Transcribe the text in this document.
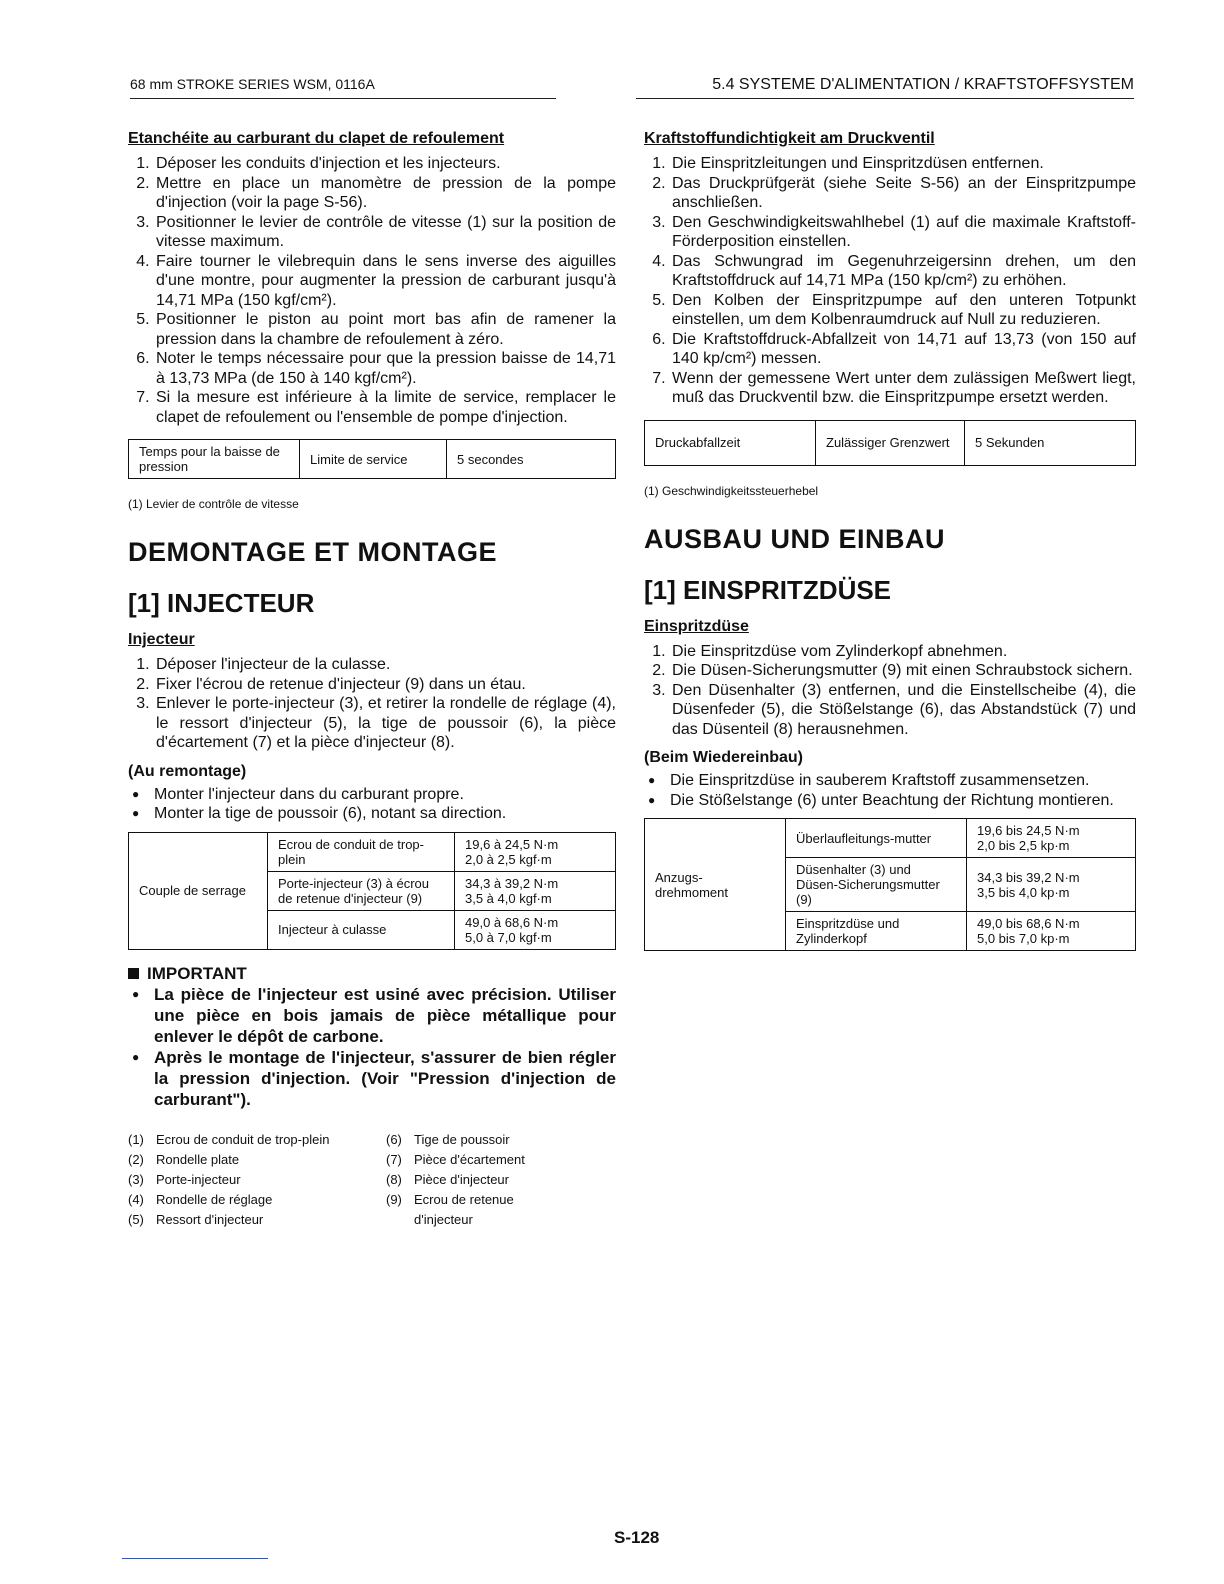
68 mm STROKE SERIES WSM, 0116A	5.4 SYSTEME D'ALIMENTATION / KRAFTSTOFFSYSTEM
Etanchéite au carburant du clapet de refoulement
1. Déposer les conduits d'injection et les injecteurs.
2. Mettre en place un manomètre de pression de la pompe d'injection (voir la page S-56).
3. Positionner le levier de contrôle de vitesse (1) sur la position de vitesse maximum.
4. Faire tourner le vilebrequin dans le sens inverse des aiguilles d'une montre, pour augmenter la pression de carburant jusqu'à 14,71 MPa (150 kgf/cm²).
5. Positionner le piston au point mort bas afin de ramener la pression dans la chambre de refoulement à zéro.
6. Noter le temps nécessaire pour que la pression baisse de 14,71 à 13,73 MPa (de 150 à 140 kgf/cm²).
7. Si la mesure est inférieure à la limite de service, remplacer le clapet de refoulement ou l'ensemble de pompe d'injection.
Temps pour la baisse de pression	Limite de service	5 secondes
(1) Levier de contrôle de vitesse
DEMONTAGE ET MONTAGE
[1] INJECTEUR
Injecteur
1. Déposer l'injecteur de la culasse.
2. Fixer l'écrou de retenue d'injecteur (9) dans un étau.
3. Enlever le porte-injecteur (3), et retirer la rondelle de réglage (4), le ressort d'injecteur (5), la tige de poussoir (6), la pièce d'écartement (7) et la pièce d'injecteur (8).
(Au remontage)
● Monter l'injecteur dans du carburant propre.
● Monter la tige de poussoir (6), notant sa direction.
Couple de serrage	Ecrou de conduit de trop-plein	19,6 à 24,5 N·m
2,0 à 2,5 kgf·m
	Porte-injecteur (3) à écrou de retenue d'injecteur (9)	34,3 à 39,2 N·m
3,5 à 4,0 kgf·m
	Injecteur à culasse	49,0 à 68,6 N·m
5,0 à 7,0 kgf·m
IMPORTANT
● La pièce de l'injecteur est usiné avec précision. Utiliser une pièce en bois jamais de pièce métallique pour enlever le dépôt de carbone.
● Après le montage de l'injecteur, s'assurer de bien régler la pression d'injection. (Voir "Pression d'injection de carburant").
(1) Ecrou de conduit de trop-plein
(2) Rondelle plate
(3) Porte-injecteur
(4) Rondelle de réglage
(5) Ressort d'injecteur
(6) Tige de poussoir
(7) Pièce d'écartement
(8) Pièce d'injecteur
(9) Ecrou de retenue d'injecteur
Kraftstoffundichtigkeit am Druckventil
1. Die Einspritzleitungen und Einspritzdüsen entfernen.
2. Das Druckprüfgerät (siehe Seite S-56) an der Einspritzpumpe anschließen.
3. Den Geschwindigkeitswahlhebel (1) auf die maximale Kraftstoff-Förderposition einstellen.
4. Das Schwungrad im Gegenuhrzeigersinn drehen, um den Kraftstoffdruck auf 14,71 MPa (150 kp/cm²) zu erhöhen.
5. Den Kolben der Einspritzpumpe auf den unteren Totpunkt einstellen, um dem Kolbenraumdruck auf Null zu reduzieren.
6. Die Kraftstoffdruck-Abfallzeit von 14,71 auf 13,73 (von 150 auf 140 kp/cm²) messen.
7. Wenn der gemessene Wert unter dem zulässigen Meßwert liegt, muß das Druckventil bzw. die Einspritzpumpe ersetzt werden.
Druckabfallzeit	Zulässiger Grenzwert	5 Sekunden
(1) Geschwindigkeitssteuerhebel
AUSBAU UND EINBAU
[1] EINSPRITZDÜSE
Einspritzdüse
1. Die Einspritzdüse vom Zylinderkopf abnehmen.
2. Die Düsen-Sicherungsmutter (9) mit einen Schraubstock sichern.
3. Den Düsenhalter (3) entfernen, und die Einstellscheibe (4), die Düsenfeder (5), die Stößelstange (6), das Abstandstück (7) und das Düsenteil (8) herausnehmen.
(Beim Wiedereinbau)
● Die Einspritzdüse in sauberem Kraftstoff zusammensetzen.
● Die Stößelstange (6) unter Beachtung der Richtung montieren.
Anzugs-drehmoment	Überlaufleitungs-mutter	19,6 bis 24,5 N·m
2,0 bis 2,5 kp·m
	Düsenhalter (3) und Düsen-Sicherungsmutter (9)	34,3 bis 39,2 N·m
3,5 bis 4,0 kp·m
	Einspritzdüse und Zylinderkopf	49,0 bis 68,6 N·m
5,0 bis 7,0 kp·m
S-128
